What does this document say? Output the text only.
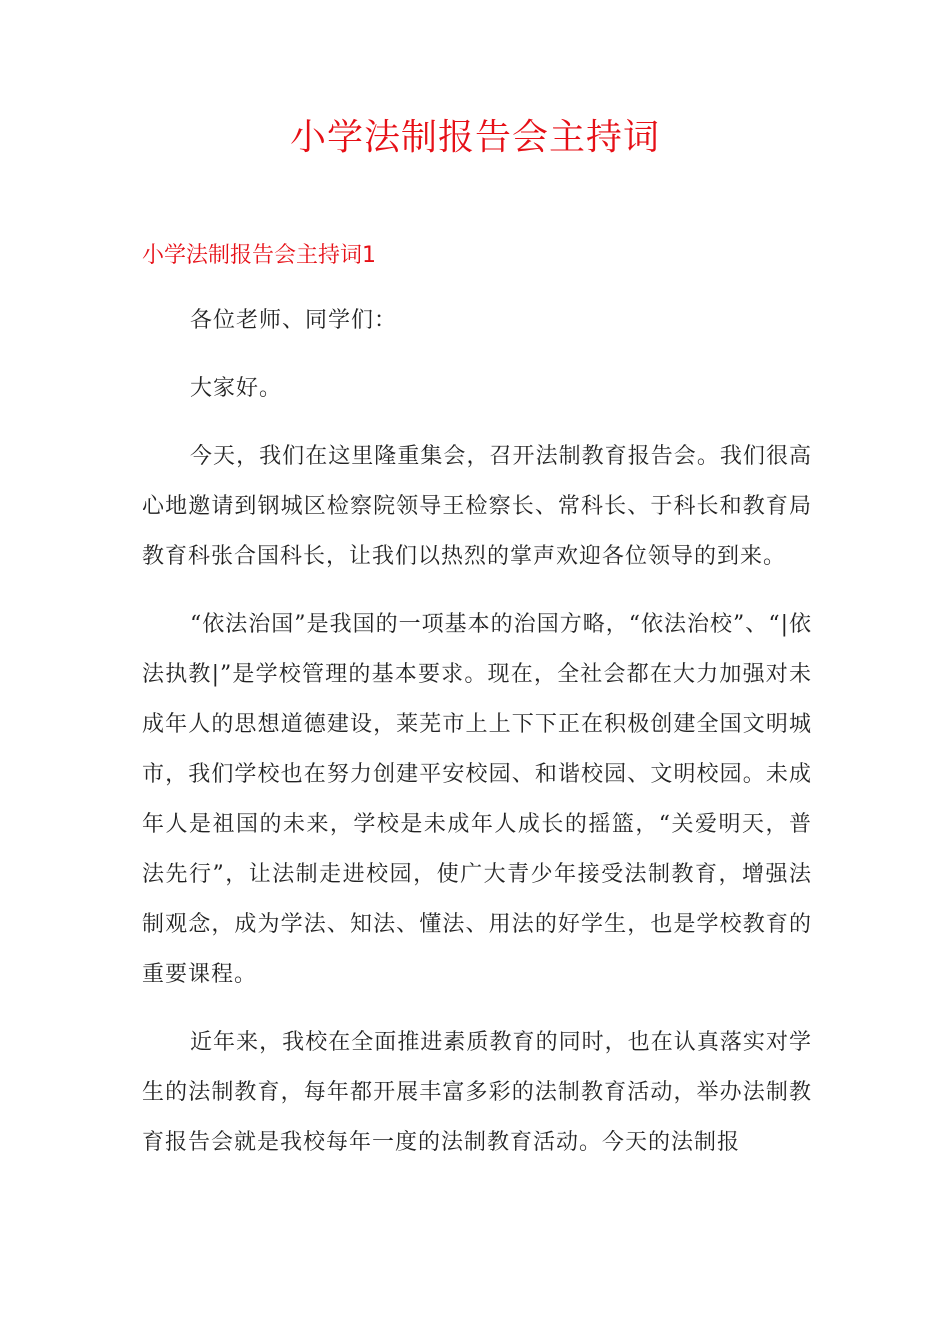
小学法制报告会主持词
小学法制报告会主持词1

各位老师、同学们：

大家好。

今天，我们在这里隆重集会，召开法制教育报告会。我们很高心地邀请到钢城区检察院领导王检察长、常科长、于科长和教育局教育科张合国科长，让我们以热烈的掌声欢迎各位领导的到来。

“依法治国”是我国的一项基本的治国方略，“依法治校”、“|依法执教|”是学校管理的基本要求。现在，全社会都在大力加强对未成年人的思想道德建设，莱芜市上上下下正在积极创建全国文明城市，我们学校也在努力创建平安校园、和谐校园、文明校园。未成年人是祖国的未来，学校是未成年人成长的摇篮，“关爱明天，普法先行”，让法制走进校园，使广大青少年接受法制教育，增强法制观念，成为学法、知法、懂法、用法的好学生，也是学校教育的重要课程。

近年来，我校在全面推进素质教育的同时，也在认真落实对学生的法制教育，每年都开展丰富多彩的法制教育活动，举办法制教育报告会就是我校每年一度的法制教育活动。今天的法制报
